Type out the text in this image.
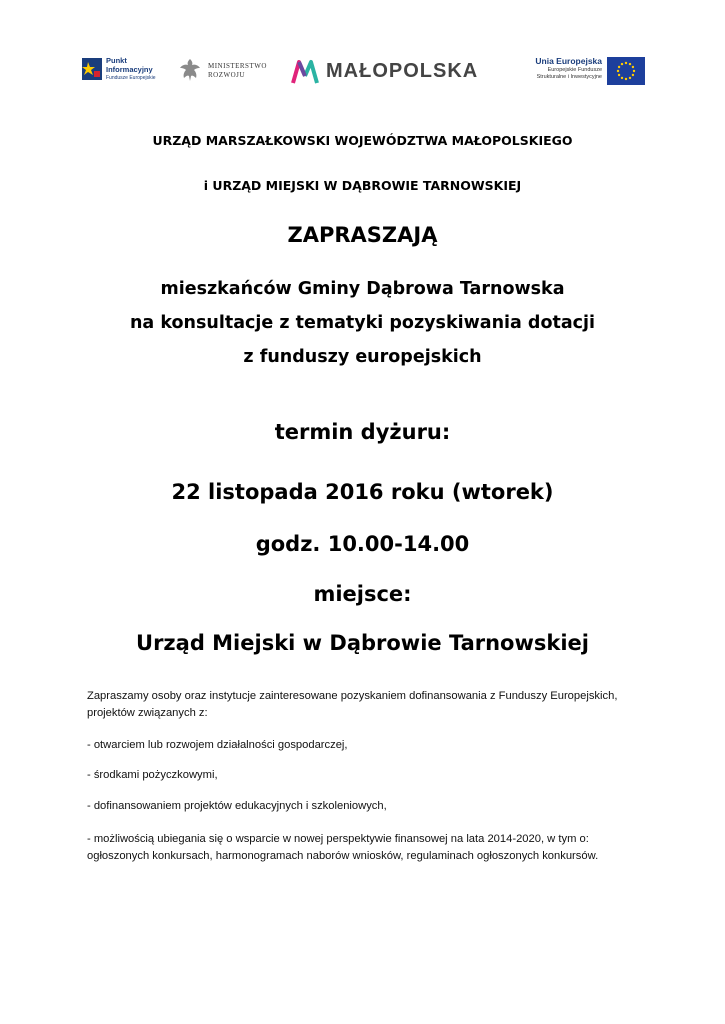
Punkt Informacyjny
Fundusze Europejskie
MINISTERSTWO
ROZWOJU	MAŁOPOLSKA	Unia Europejska
Europejskie Fundusze
Strukturalne i Inwestycyjne
URZĄD MARSZAŁKOWSKI WOJEWÓDZTWA MAŁOPOLSKIEGO
i URZĄD MIEJSKI W DĄBROWIE TARNOWSKIEJ
ZAPRASZAJĄ
mieszkańców Gminy Dąbrowa Tarnowska
na konsultacje z tematyki pozyskiwania dotacji
z funduszy europejskich
termin dyżuru:
22 listopada 2016 roku (wtorek)
godz. 10.00-14.00
miejsce:
Urząd Miejski w Dąbrowie Tarnowskiej
Zapraszamy osoby oraz instytucje zainteresowane pozyskaniem dofinansowania z Funduszy Europejskich, projektów związanych z:
- otwarciem lub rozwojem działalności gospodarczej,
- środkami pożyczkowymi,
- dofinansowaniem projektów edukacyjnych i szkoleniowych,
- możliwością ubiegania się o wsparcie w nowej perspektywie finansowej na lata 2014-2020, w tym o: ogłoszonych konkursach, harmonogramach naborów wniosków, regulaminach ogłoszonych konkursów.
